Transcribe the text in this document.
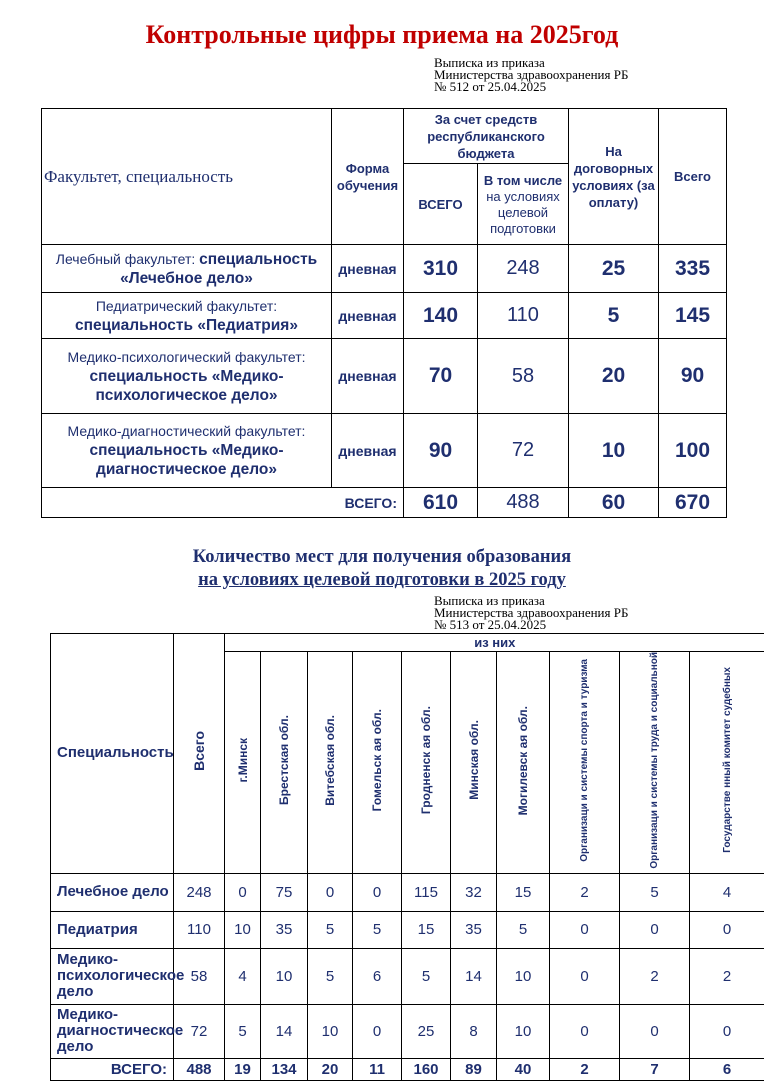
Контрольные цифры приема на 2025год
Выписка из приказа
Министерства здравоохранения РБ
№ 512 от 25.04.2025
Факультет, специальность	Форма обучения	За счет средств республиканского бюджета		На договорных условиях (за оплату)	Всего
		ВСЕГО	В том числе
на условиях целевой подготовки		

Лечебный факультет: специальность «Лечебное дело»	дневная	310	248	25	335
Педиатрический факультет:
специальность «Педиатрия»	дневная	140	110	5	145
Медико-психологический факультет:
специальность «Медико-психологическое дело»	дневная	70	58	20	90
Медико-диагностический факультет:
специальность «Медико-диагностическое дело»	дневная	90	72	10	100
ВСЕГО:		610	488	60	670
Количество мест для получения образования
на условиях целевой подготовки в 2025 году
Выписка из приказа
Министерства здравоохранения РБ
№ 513 от 25.04.2025
Специальность	Всего	из них									
		г.Минск	Брестская обл.	Витебская обл.	Гомельск ая обл.	Гродненск ая обл.	Минская обл.	Могилевск ая обл.	Организаци и системы спорта и туризма	Организаци и системы труда и социальной	Государстве нный комитет судебных
Лечебное дело	248	0	75	0	0	115	32	15	2	5	4
Педиатрия	110	10	35	5	5	15	35	5	0	0	0
Медико-психологическое дело	58	4	10	5	6	5	14	10	0	2	2
Медико-диагностическое дело	72	5	14	10	0	25	8	10	0	0	0
ВСЕГО:	488	19	134	20	11	160	89	40	2	7	6
